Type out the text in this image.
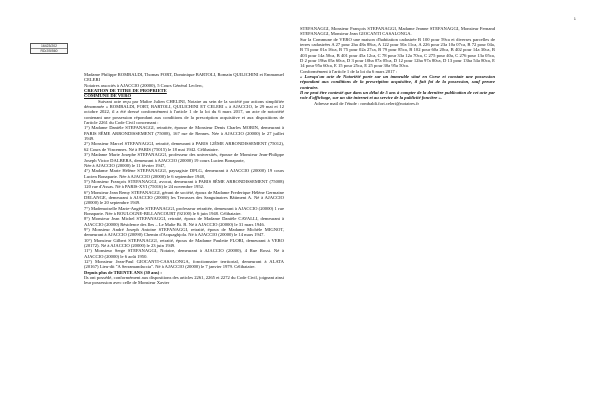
1
16423/202
RD/J/5/560

Madame Philippe ROMBALDI, Thomas FORT, Dominique BARTOLI, Romain QUILICHINI et Emmanuel CELERI

Notaires associés à AJACCIO (20000), 5 Cours Général Leclerc,

CREATION DE TITRE DE PROPRIETE

COMMUNE DE VERO

Suivant acte reçu par Maître Julien CHELINI, Notaire au sein de la société par actions simplifiée dénommée « ROMBALDI, FORT, BARTOLI, QUILICHINI ET CELERI » à AJACCIO, le 29 mai et 12 octobre 2022, il a été dressé conformément à l'article 1 de la loi du 6 mars 2017, un acte de notoriété contenant une possession répondant aux conditions de la prescription acquisitive et aux dispositions de l'article 2261 du Code Civil concernant :

1°) Madame Danièle STEFANAGGI, retraitée, épouse de Monsieur Denis Charles MORIN, demeurant à PARIS 8ÈME ARRONDISSEMENT (75008), 167 rue de Rennes. Née à AJACCIO (20000) le 27 juillet 1949.

2°) Monsieur Marcel STEFANAGGI, retraité, demeurant à PARIS 12ÈME ARRONDISSEMENT (75012), 62 Cours de Vincennes. Né à PARIS (75015) le 18 mai 1942. Célibataire.

3°) Madame Marie Josephe STEFANAGGI, professeur des universités, épouse de Monsieur Jean-Philippe Joseph Victor DALBERA, demeurant à AJACCIO (20000) 19 cours Lucien Bonaparte,

Née à AJACCIO (20000) le 11 février 1947,

4°) Madame Marie Hélène STEFANAGGI, paysagiste DPLG, demeurant à AJACCIO (20000) 19 cours Lucien Bonaparte. Née à AJACCIO (20000) le 6 septembre 1948,

5°) Monsieur François STEFANAGGI, avocat, demeurant à PARIS 8ÈME ARRONDISSEMENT (75008) 120 rue d'Assas. Né à PARIS-XVI (75016) le 24 novembre 1952.

6°) Monsieur Jean Remy STEFANAGGI, gérant de société, époux de Madame Frederique Hélène Germaine DELANGE, demeurant à AJACCIO (20000) les Terrasses des Sanguinaires Bâtiment A. Né à AJACCIO (20000) le 20 septembre 1949.

7°) Mademoiselle Marie-Angèle STEFANAGGI, professeur retraitée, demeurant à AJACCIO (20000) 1 rue Bonaparte. Née à BOULOGNE-BILLANCOURT (92100) le 6 juin 1948. Célibataire.

8°) Monsieur Jean Michel STEFANAGGI, retraité, époux de Madame Danièle CAVALLI, demeurant à AJACCIO (20000) Résidence des Iles – Le Malte Bt. B. Né à AJACCIO (20000) le 31 mars 1946.

9°) Monsieur André Joseph Antoine STEFANAGGI, retraité, époux de Madame Michèle MIGNOT, demeurant à AJACCIO (20090) Chemin d'Acquaghjola. Né à AJACCIO (20000) le 14 mars 1947.

10°) Monsieur Gilbert STEFANAGGI, retraité, époux de Madame Paulette FLORI, demeurant à VERO (20172). Né à AJACCIO (20000) le 23 juin 1949.

11°) Monsieur Serge STEFANAGGI, Notaire, demeurant à AJACCIO (20000), 4 Rue Rossi. Né à AJACCIO (20000) le 6 août 1950.

12°) Monsieur Jean-Paul GIOCANTI-CASALONGA, fonctionnaire territorial, demeurant à ALATA (20167) Lieu-dit "A Serramandaccia". Né à AJACCIO (20000) le 7 janvier 1979. Célibataire.

Depuis plus de TRENTE ANS (30 ans) :

Ils ont possédé, conformément aux dispositions des articles 2261, 2265 et 2272 du Code Civil, joignant ainsi leur possession avec celle de Monsieur Xavier

STEFANAGGI, Monsieur François STEFANAGGI, Madame Jeanne STEFANAGGI, Monsieur Fernand STEFANAGGI, Monsieur Jean GIOCANTI CASALONGA.

Sur la Commune de VERO une maison d'habitation cadastrée B 100 pour 59ca et diverses parcelles de terres cadastrées A 27 pour 2ha 48a 88ca, A 122 pour 50a 11ca, A 226 pour 23a 10a 07ca, B 72 pour 04a, B 73 pour 01a 16ca, B 75 pour 02a 27ca, B 79 pour 85ca, B 102 pour 60a 20ca, B 402 pour 14a 30ca, B 403 pour 14a 50ca, B 401 pour 45a 12ca, C 78 pour 33a 12a 70ca, C 275 pour 40a, C 276 pour 13a 05ca, D 2 pour 19ha 05a 60ca, D 3 pour 10ha 07a 05ca, D 12 pour 12ha 97a 80ca, D 13 pour 13ha 54a 80ca, E 14 pour 95a 60ca, E 15 pour 25ca, E 25 pour 30a 95a 50ca.

Conformément à l'article 1 de la loi du 6 mars 2017 :

« Lorsqu'un acte de Notoriété porte sur un immeuble situé en Corse et constate une possession répondant aux conditions de la prescription acquisitive, il fait foi de la possession, sauf preuve contraire.

Il ne peut être contesté que dans un délai de 5 ans à compter de la dernière publication de cet acte par voie d'affichage, sur un site internet et au service de la publicité foncière ».

Adresse mail de l'étude : rombaldi.fort.celeri@notaires.fr
